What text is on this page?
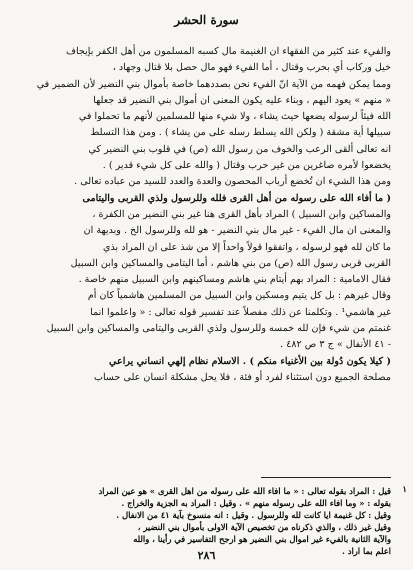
سورة الحشر
والفيء عند كثير من الفقهاء ان الغنيمة مال كسبه المسلمون من أهل الكفر بإيجاف
خيل وركاب أي بحرب وقتال ، أما الفيء فهو مال حصل بلا قتال وجهاد ،
ومما يمكن فهمه من الآية انّ الفيء نحن بصددهما خاصة بأموال بني النضير لأن الضمير في
« منهم » يعود اليهم ، وبناء عليه يكون المعنى ان أموال بني النضير قد جعلها
الله فيئاً لرسوله يضعها حيث يشاء ، ولا شيء منها للمسلمين لأنهم ما تحملوا في
سبيلها أية مشقة ( ولكن الله يسلط رسله على من يشاء ) . ومن هذا التسلط
انه تعالى ألقى الرعب والخوف من رسول الله (ص) في قلوب بني النضير كي
يخضعوا لأمره صاغرين من غير حرب وقتال ( والله على كل شيء قدير ) .
ومن هذا الشيء ان تُخضع أرباب المحصون والعدة والعدد للسيد من عباده تعالى .
( ما أفاء الله على رسوله من أهل القرى فلله وللرسول ولذي القربى واليتامى
والمساكين وابن السبيل ) المراد بأهل القرى هنا غير بني النضير من الكفرة ،
والمعنى ان مال الفيء - غير مال بني النضير - هو لله وللرسول الخ . وبديهة ان
ما كان لله فهو لرسوله ، واتفقوا قولاً واحداً إلا من شذ على ان المراد بذي
القربى قربى رسول الله (ص) من بني هاشم ، أما اليتامى والمساكين وابن السبيل
فقال الامامية : المراد بهم أيتام بني هاشم ومساكينهم وابن السبيل منهم خاصة .
وقال غيرهم : بل كل يتيم ومسكين وابن السبيل من المسلمين هاشمياً كان أم
غير هاشمي¹ . وتكلمنا عن ذلك مفصلاً عند تفسير قوله تعالى : « واعلموا انما
غنمتم من شيء فإن لله خمسه وللرسول ولذي القربى واليتامى والمساكين وابن السبيل
- ٤١ الأنفال » ج ٣ ص ٤٨٢ .
( كيلا يكون دُولة بين الأغنياء منكم ) . الاسلام نظام إلهي انساني يراعي
مصلحة الجميع دون استثناء لفرد أو فئة ، فلا يحل مشكلة انسان على حساب
١
قيل : المراد بقوله تعالى : « ما افاء الله على رسوله من اهل القرى » هو عين المراد
بقوله : « وما افاء الله على رسوله منهم » . وقيل : المراد به الجزية والخراج .
وقيل : كل غنيمة ايا كانت لله وللرسول . وقيل : انه منسوخ بآية ٤١ من الانفال .
وقيل غير ذلك ، والذي ذكرناه من تخصيص الآية الاولى بأموال بني النضير ،
والآية الثانية بالفيء غير اموال بني النضير هو ارجح التفاسير في رأينا ، والله
اعلم بما اراد .
٢٨٦
